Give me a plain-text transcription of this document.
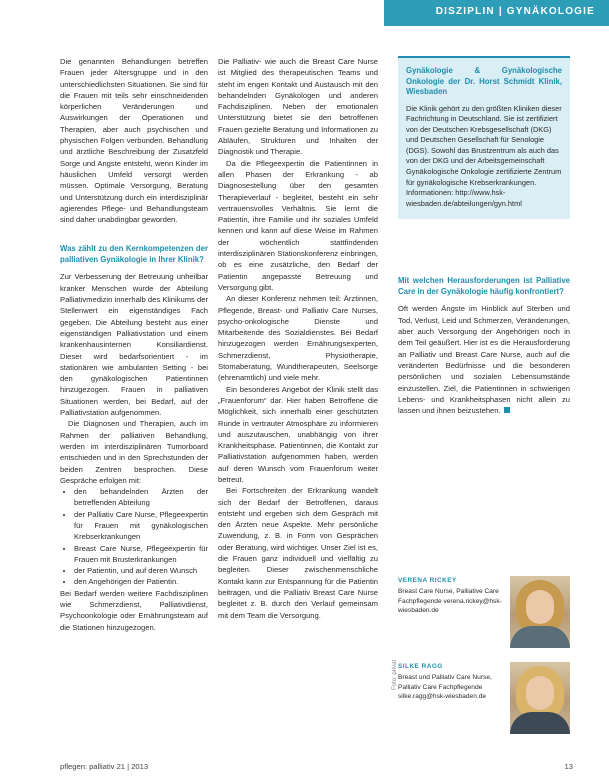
DISZIPLIN | GYNÄKOLOGIE

Die genannten Behandlungen betreffen Frauen jeder Altersgruppe und in den unterschiedlichsten Situationen. Sie sind für die Frauen mit teils sehr einschneidenden körperlichen Veränderungen und Auswirkungen der Operationen und Therapien, aber auch psychischen und physischen Folgen verbunden. Behandlung und ärztliche Beschreibung der Zusatzfeld Sorge und Angste entsteht, wenn Kinder im häuslichen Umfeld versorgt werden müssen. Optimale Versorgung, Beratung und Unterstützung durch ein interdisziplinär agierendes Pflege- und Behandlungsteam sind daher unabdingbar geworden.

Was zählt zu den Kernkompetenzen der palliativen Gynäkologie in Ihrer Klinik?

Zur Verbesserung der Betreuung unheilbar kranker Menschen wurde der Abteilung Palliativmedizin innerhalb des Klinikums der Stellenwert ein eigenständiges Fach gegeben. Die Abteilung besteht aus einer eigenständigen Palliativstation und einem krankenhausinternen Konsiliardienst. Dieser wird bedarfsorientiert - im stationären wie ambulanten Setting - bei den gynäkologischen Patientinnen hinzugezogen. Frauen in palliativen Situationen werden, bei Bedarf, auf der Palliativstation aufgenommen.

Die Diagnosen und Therapien, auch im Rahmen der palliativen Behandlung, werden im interdisziplinären Tumorboard entschieden und in den Sprechstunden der beiden Zentren besprochen. Diese Gespräche erfolgen mit:

• den behandelnden Ärzten der betreffenden Abteilung
• der Palliativ Care Nurse, Pflegeexpertin für Frauen mit gynäkologischen Krebserkrankungen
• Breast Care Nurse, Pflegeexpertin für Frauen mit Brusterkrankungen
• der Patientin, und auf deren Wunsch
• den Angehörigen der Patientin.

Bei Bedarf werden weitere Fachdisziplinen wie Schmerzdienst, Palliativdienst, Psychoonkologie oder Ernährungsteam auf die Stationen hinzugezogen.

Die Palliativ- wie auch die Breast Care Nurse ist Mitglied des therapeutischen Teams und steht im engen Kontakt und Austausch mit den behandelnden Gynäkologen und anderen Fachdisziplinen. Neben der emotionalen Unterstützung bietet sie den betroffenen Frauen gezielte Beratung und Informationen zu Abläufen, Strukturen und Inhalten der Diagnostik und Therapie.

Da die Pflegeexpertin die Patientinnen in allen Phasen der Erkrankung - ab Diagnosestellung über den gesamten Therapieverlauf - begleitet, besteht ein sehr vertrauensvolles Verhältnis. Sie lernt die Patientin, ihre Familie und ihr soziales Umfeld kennen und kann auf diese Weise im Rahmen der wöchentlich stattfindenden interdisziplinären Stationskonferenz einbringen, ob es eine zusätzliche, den Bedarf der Patientin angepasste Betreuung und Versorgung gibt.

An dieser Konferenz nehmen teil: Ärztinnen, Pflegende, Breast- und Palliativ Care Nurses, psycho-onkologische Dienste und Mitarbeitende des Sozialdienstes. Bei Bedarf hinzugezogen werden Ernährungsexperten, Schmerzdienst, Physiotherapie, Stomaberatung, Wundtherapeuten, Seelsorge (ehrenamtlich) und viele mehr.

Ein besonderes Angebot der Klinik stellt das „Frauenforum“ dar. Hier haben Betroffene die Möglichkeit, sich innerhalb einer geschützten Runde in vertrauter Atmosphäre zu informieren und auszutauschen, unabhängig von ihrer Krankheitsphase. Patientinnen, die Kontakt zur Palliativstation aufgenommen haben, werden auf deren Wunsch vom Frauenforum weiter betreut.

Bei Fortschreiten der Erkrankung wandelt sich der Bedarf der Betroffenen, daraus entsteht und ergeben sich dem Gespräch mit den Ärzten neue Aspekte. Mehr persönliche Zuwendung, z. B. in Form von Gesprächen oder Beratung, wird wichtiger. Unser Ziel ist es, die Frauen ganz individuell und vielfältig zu begleiten. Dieser zwischenmenschliche Kontakt kann zur Entspannung für die Patientin beitragen, und die Palliativ Breast Care Nurse begleitet z. B. durch den Verlauf gemeinsam mit dem Team die Versorgung.

Gynäkologie & Gynäkologische Onkologie der Dr. Horst Schmidt Klinik, Wiesbaden
Die Klinik gehört zu den größten Kliniken dieser Fachrichtung in Deutschland. Sie ist zertifiziert von der Deutschen Krebsgesellschaft (DKG) und Deutschen Gesellschaft für Senologie (DGS). Sowohl das Brustzentrum als auch das von der DKG und der Arbeitsgemeinschaft Gynäkologische Onkologie zertifizierte Zentrum für gynäkologische Krebserkrankungen. Informationen: http://www.hsk-wiesbaden.de/abteilungen/gyn.html
Mit welchen Herausforderungen ist Palliative Care in der Gynäkologie häufig konfrontiert?

Oft werden Ängste im Hinblick auf Sterben und Tod, Verlust, Leid und Schmerzen, Veränderungen, aber auch Versorgung der Angehörigen noch in dem Teil geäußert. Hier ist es die Herausforderung an Palliativ und Breast Care Nurse, auch auf die veränderten Bedürfnisse und die besonderen persönlichen und sozialen Lebensumstände einzustellen. Ziel, die Patientinnen in schwierigen Lebens- und Krankheitsphasen nicht allein zu lassen und ihnen beizustehen.

VERENA RICKEY
Breast Care Nurse, Palliative Care Fachpflegende verena.rickey@hsk-wiesbaden.de
SILKE RAGG
Breast und Palliativ Care Nurse, Palliativ Care Fachpflegende silke.ragg@hsk-wiesbaden.de
Foto: privat
pflegen: palliativ 21 | 2013	13
